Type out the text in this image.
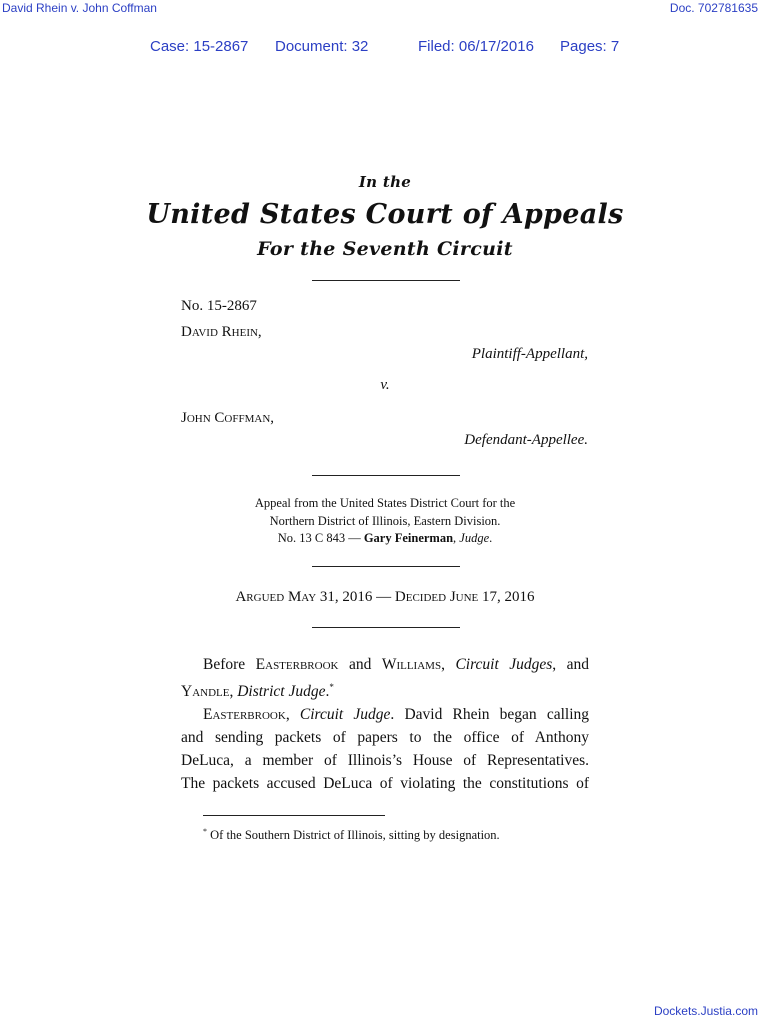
David Rhein v. John Coffman	Doc. 702781635
Case: 15-2867 Document: 32	Filed: 06/17/2016 Pages: 7
In the
United States Court of Appeals
For the Seventh Circuit
No. 15-2867
David Rhein,
Plaintiff-Appellant,
v.
John Coffman,
Defendant-Appellee.
Appeal from the United States District Court for the
Northern District of Illinois, Eastern Division.
No. 13 C 843 — Gary Feinerman, Judge.
Argued May 31, 2016 — Decided June 17, 2016
Before Easterbrook and Williams, Circuit Judges, and
Yandle, District Judge.*
Easterbrook, Circuit Judge. David Rhein began calling
and sending packets of papers to the office of Anthony
DeLuca, a member of Illinois’s House of Representatives.
The packets accused DeLuca of violating the constitutions of
* Of the Southern District of Illinois, sitting by designation.
Dockets.Justia.com
